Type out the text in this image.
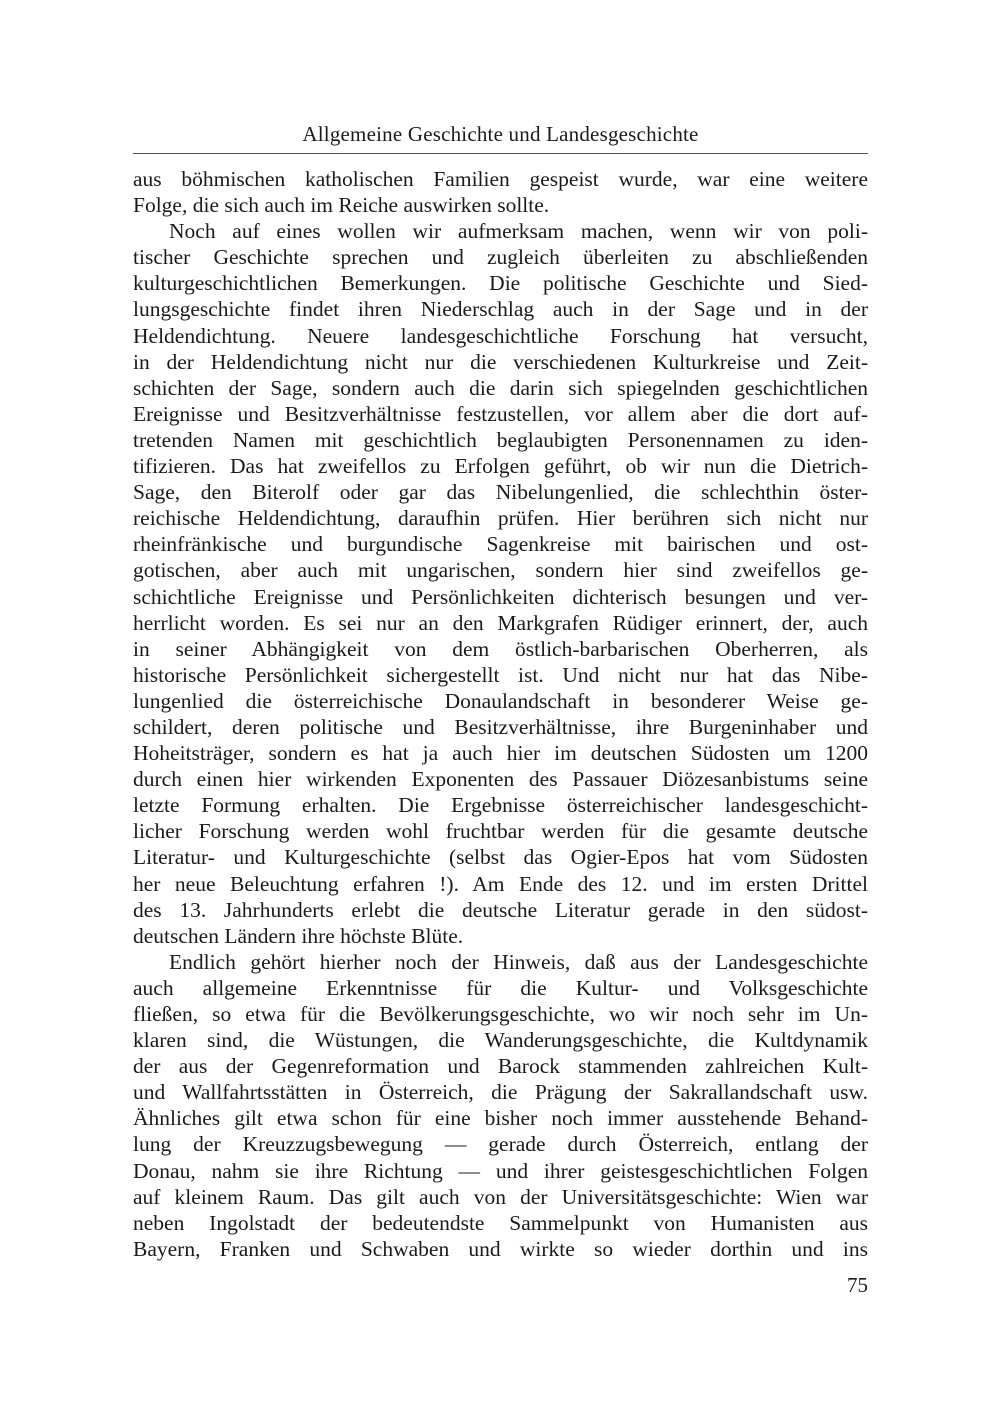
Allgemeine Geschichte und Landesgeschichte
aus böhmischen katholischen Familien gespeist wurde, war eine weitere
Folge, die sich auch im Reiche auswirken sollte.
Noch auf eines wollen wir aufmerksam machen, wenn wir von poli-
tischer Geschichte sprechen und zugleich überleiten zu abschließenden
kulturgeschichtlichen Bemerkungen. Die politische Geschichte und Sied-
lungsgeschichte findet ihren Niederschlag auch in der Sage und in der
Heldendichtung. Neuere landesgeschichtliche Forschung hat versucht,
in der Heldendichtung nicht nur die verschiedenen Kulturkreise und Zeit-
schichten der Sage, sondern auch die darin sich spiegelnden geschichtlichen
Ereignisse und Besitzverhältnisse festzustellen, vor allem aber die dort auf-
tretenden Namen mit geschichtlich beglaubigten Personennamen zu iden-
tifizieren. Das hat zweifellos zu Erfolgen geführt, ob wir nun die Dietrich-
Sage, den Biterolf oder gar das Nibelungenlied, die schlechthin öster-
reichische Heldendichtung, daraufhin prüfen. Hier berühren sich nicht nur
rheinfränkische und burgundische Sagenkreise mit bairischen und ost-
gotischen, aber auch mit ungarischen, sondern hier sind zweifellos ge-
schichtliche Ereignisse und Persönlichkeiten dichterisch besungen und ver-
herrlicht worden. Es sei nur an den Markgrafen Rüdiger erinnert, der, auch
in seiner Abhängigkeit von dem östlich-barbarischen Oberherren, als
historische Persönlichkeit sichergestellt ist. Und nicht nur hat das Nibe-
lungenlied die österreichische Donaulandschaft in besonderer Weise ge-
schildert, deren politische und Besitzverhältnisse, ihre Burgeninhaber und
Hoheitsträger, sondern es hat ja auch hier im deutschen Südosten um 1200
durch einen hier wirkenden Exponenten des Passauer Diözesanbistums seine
letzte Formung erhalten. Die Ergebnisse österreichischer landesgeschicht-
licher Forschung werden wohl fruchtbar werden für die gesamte deutsche
Literatur- und Kulturgeschichte (selbst das Ogier-Epos hat vom Südosten
her neue Beleuchtung erfahren !). Am Ende des 12. und im ersten Drittel
des 13. Jahrhunderts erlebt die deutsche Literatur gerade in den südost-
deutschen Ländern ihre höchste Blüte.
Endlich gehört hierher noch der Hinweis, daß aus der Landesgeschichte
auch allgemeine Erkenntnisse für die Kultur- und Volksgeschichte
fließen, so etwa für die Bevölkerungsgeschichte, wo wir noch sehr im Un-
klaren sind, die Wüstungen, die Wanderungsgeschichte, die Kultdynamik
der aus der Gegenreformation und Barock stammenden zahlreichen Kult-
und Wallfahrtsstätten in Österreich, die Prägung der Sakrallandschaft usw.
Ähnliches gilt etwa schon für eine bisher noch immer ausstehende Behand-
lung der Kreuzzugsbewegung — gerade durch Österreich, entlang der
Donau, nahm sie ihre Richtung — und ihrer geistesgeschichtlichen Folgen
auf kleinem Raum. Das gilt auch von der Universitätsgeschichte: Wien war
neben Ingolstadt der bedeutendste Sammelpunkt von Humanisten aus
Bayern, Franken und Schwaben und wirkte so wieder dorthin und ins
75
